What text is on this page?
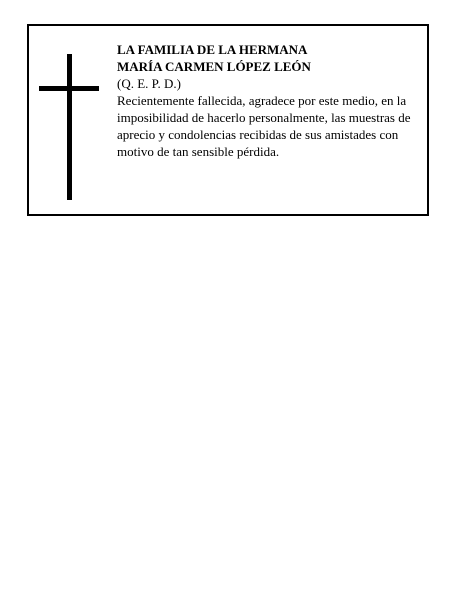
LA FAMILIA DE LA HERMANA
MARÍA CARMEN LÓPEZ LEÓN
(Q. E. P. D.)
Recientemente fallecida, agradece por este medio, en la imposibilidad de hacerlo personalmente, las muestras de aprecio y condolencias recibidas de sus amistades con motivo de tan sensible pérdida.
